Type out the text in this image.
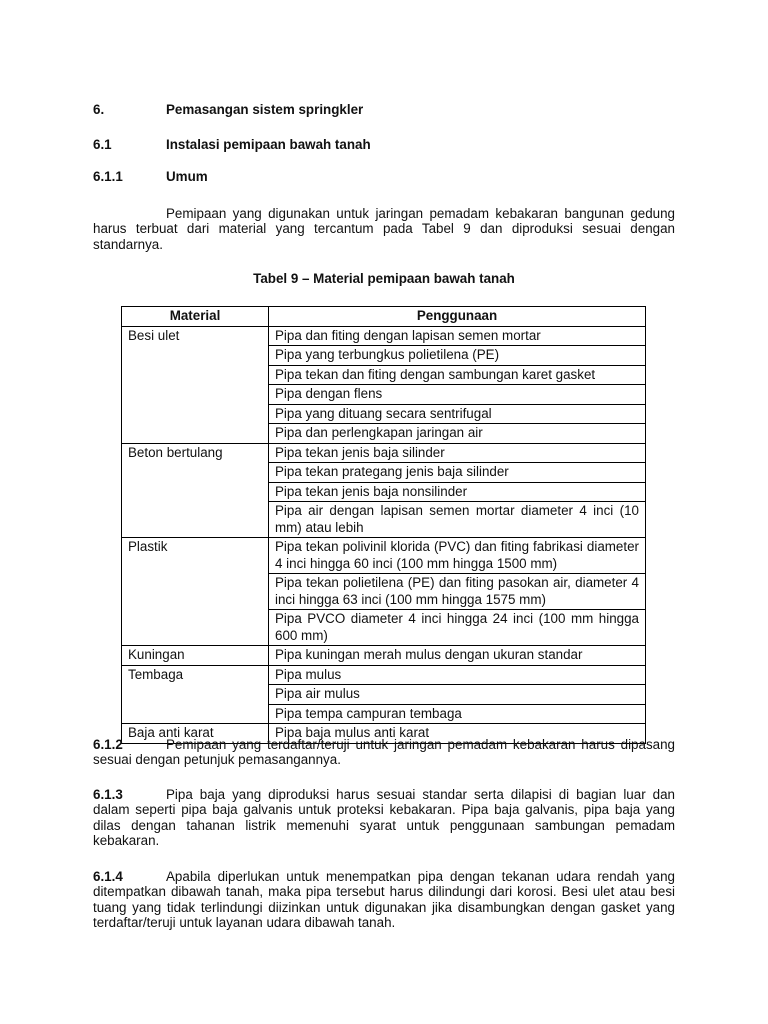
6.	Pemasangan sistem springkler
6.1	Instalasi pemipaan bawah tanah
6.1.1	Umum
Pemipaan yang digunakan untuk jaringan pemadam kebakaran bangunan gedung harus terbuat dari material yang tercantum pada Tabel 9 dan diproduksi sesuai dengan standarnya.
Tabel 9 – Material pemipaan bawah tanah
Material	Penggunaan
Besi ulet	Pipa dan fiting dengan lapisan semen mortar
	Pipa yang terbungkus polietilena (PE)
	Pipa tekan dan fiting dengan sambungan karet gasket
	Pipa dengan flens
	Pipa yang dituang secara sentrifugal
	Pipa dan perlengkapan jaringan air
Beton bertulang	Pipa tekan jenis baja silinder
	Pipa tekan prategang jenis baja silinder
	Pipa tekan jenis baja nonsilinder
	Pipa air dengan lapisan semen mortar diameter 4 inci (10 mm) atau lebih
Plastik	Pipa tekan polivinil klorida (PVC) dan fiting fabrikasi diameter 4 inci hingga 60 inci (100 mm hingga 1500 mm)
	Pipa tekan polietilena (PE) dan fiting pasokan air, diameter 4 inci hingga 63 inci (100 mm hingga 1575 mm)
	Pipa PVCO diameter 4 inci hingga 24 inci (100 mm hingga 600 mm)
Kuningan	Pipa kuningan merah mulus dengan ukuran standar
Tembaga	Pipa mulus
	Pipa air mulus
	Pipa tempa campuran tembaga
Baja anti karat	Pipa baja mulus anti karat
6.1.2	Pemipaan yang terdaftar/teruji untuk jaringan pemadam kebakaran harus dipasang sesuai dengan petunjuk pemasangannya.
6.1.3	Pipa baja yang diproduksi harus sesuai standar serta dilapisi di bagian luar dan dalam seperti pipa baja galvanis untuk proteksi kebakaran. Pipa baja galvanis, pipa baja yang dilas dengan tahanan listrik memenuhi syarat untuk penggunaan sambungan pemadam kebakaran.
6.1.4	Apabila diperlukan untuk menempatkan pipa dengan tekanan udara rendah yang ditempatkan dibawah tanah, maka pipa tersebut harus dilindungi dari korosi. Besi ulet atau besi tuang yang tidak terlindungi diizinkan untuk digunakan jika disambungkan dengan gasket yang terdaftar/teruji untuk layanan udara dibawah tanah.
